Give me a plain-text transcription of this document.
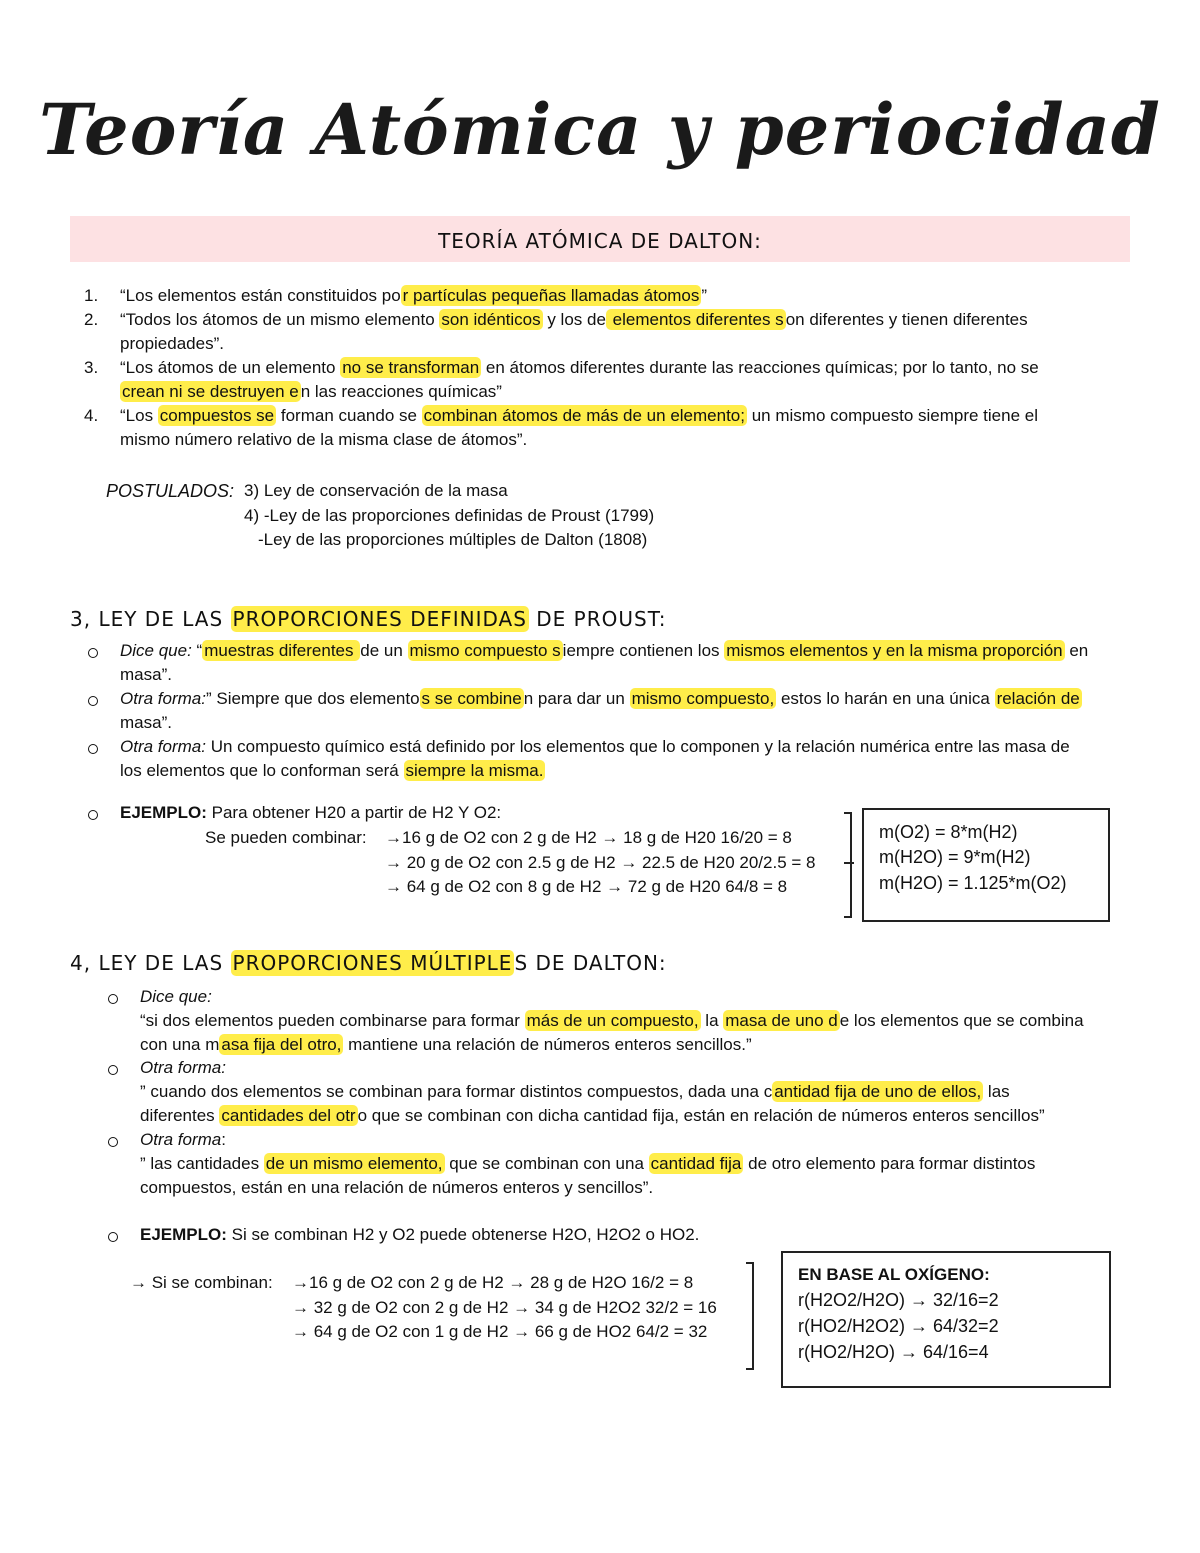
Teoría Atómica y periocidad
TEORÍA ATÓMICA DE DALTON:
1. “Los elementos están constituidos po r partículas pequeñas llamadas átomos ”
2. “Todos los átomos de un mismo elemento son idénticos y los de elementos diferentes s on diferentes y tienen diferentes
propiedades”.
3. “Los átomos de un elemento no se transforman en átomos diferentes durante las reacciones químicas; por lo tanto, no se
crean ni se destruyen e n las reacciones químicas”
4. “Los compuestos se forman cuando se combinan átomos de más de un elemento; un mismo compuesto siempre tiene el
mismo número relativo de la misma clase de átomos”.
POSTULADOS: 3) Ley de conservación de la masa
4) -Ley de las proporciones definidas de Proust (1799)
-Ley de las proporciones múltiples de Dalton (1808)
3, LEY DE LAS PROPORCIONES DEFINIDAS DE PROUST:
Dice que: “ muestras diferentes de un mismo compuesto s iempre contienen los mismos elementos y en la misma proporción en
masa”.
Otra forma:” Siempre que dos elemento s se combine n para dar un mismo compuesto, estos lo harán en una única relación de
masa”.
Otra forma: Un compuesto químico está definido por los elementos que lo componen y la relación numérica entre las masa de
los elementos que lo conforman será siempre la misma.
EJEMPLO: Para obtener H20 a partir de H2 Y O2:
Se pueden combinar: →16 g de O2 con 2 g de H2 → 18 g de H20 16/20 = 8
→ 20 g de O2 con 2.5 g de H2 → 22.5 de H20 20/2.5 = 8
→ 64 g de O2 con 8 g de H2 → 72 g de H20 64/8 = 8
m(O2) = 8*m(H2)
m(H2O) = 9*m(H2)
m(H2O) = 1.125*m(O2)
4, LEY DE LAS PROPORCIONES MÚLTIPLE S DE DALTON:
Dice que:
“si dos elementos pueden combinarse para formar más de un compuesto, la masa de uno d e los elementos que se combina
con una m asa fija del otro, mantiene una relación de números enteros sencillos.”
Otra forma:
” cuando dos elementos se combinan para formar distintos compuestos, dada una c antidad fija de uno de ellos, las
diferentes cantidades del otr o que se combinan con dicha cantidad fija, están en relación de números enteros sencillos”
Otra forma:
” las cantidades de un mismo elemento, que se combinan con una cantidad fija de otro elemento para formar distintos
compuestos, están en una relación de números enteros y sencillos”.
EJEMPLO: Si se combinan H2 y O2 puede obtenerse H2O, H2O2 o HO2.
→ Si se combinan: →16 g de O2 con 2 g de H2 → 28 g de H2O 16/2 = 8
→ 32 g de O2 con 2 g de H2 → 34 g de H2O2 32/2 = 16
→ 64 g de O2 con 1 g de H2 → 66 g de HO2 64/2 = 32
EN BASE AL OXÍGENO:
r(H2O2/H2O) → 32/16=2
r(HO2/H2O2) → 64/32=2
r(HO2/H2O) → 64/16=4
